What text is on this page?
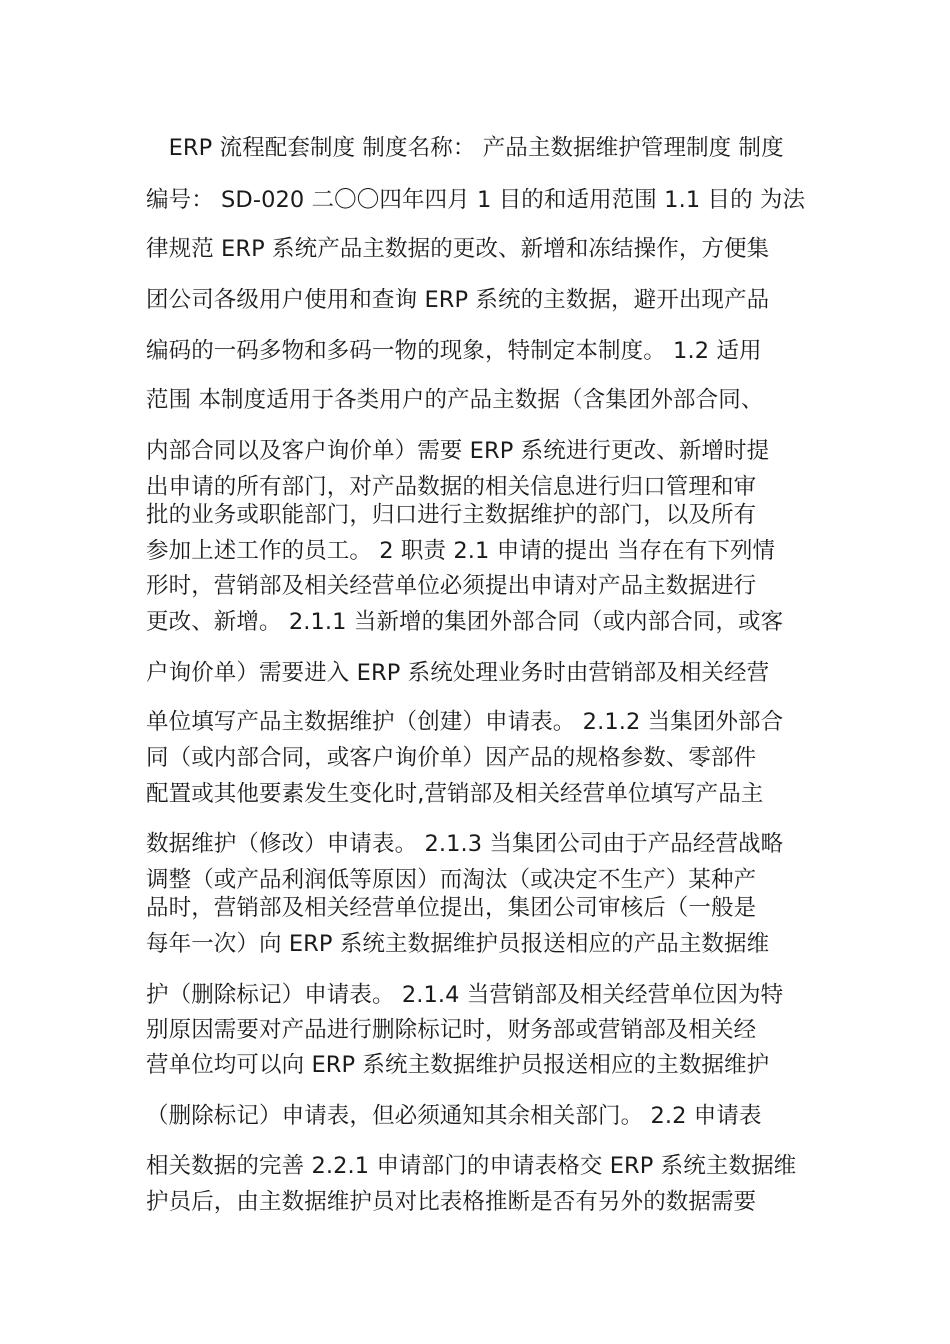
　ERP 流程配套制度 制度名称： 产品主数据维护管理制度 制度
编号： SD-020 二〇〇四年四月 1 目的和适用范围 1.1 目的 为法
律规范 ERP 系统产品主数据的更改、新增和冻结操作，方便集
团公司各级用户使用和查询 ERP 系统的主数据，避开出现产品
编码的一码多物和多码一物的现象，特制定本制度。 1.2 适用
范围 本制度适用于各类用户的产品主数据（含集团外部合同、
内部合同以及客户询价单）需要 ERP 系统进行更改、新增时提
出申请的所有部门，对产品数据的相关信息进行归口管理和审
批的业务或职能部门，归口进行主数据维护的部门，以及所有
参加上述工作的员工。 2 职责 2.1 申请的提出 当存在有下列情
形时，营销部及相关经营单位必须提出申请对产品主数据进行
更改、新增。 2.1.1 当新增的集团外部合同（或内部合同，或客
户询价单）需要进入 ERP 系统处理业务时由营销部及相关经营
单位填写产品主数据维护（创建）申请表。 2.1.2 当集团外部合
同（或内部合同，或客户询价单）因产品的规格参数、零部件
配置或其他要素发生变化时,营销部及相关经营单位填写产品主
数据维护（修改）申请表。 2.1.3 当集团公司由于产品经营战略
调整（或产品利润低等原因）而淘汰（或决定不生产）某种产
品时，营销部及相关经营单位提出，集团公司审核后（一般是
每年一次）向 ERP 系统主数据维护员报送相应的产品主数据维
护（删除标记）申请表。 2.1.4 当营销部及相关经营单位因为特
别原因需要对产品进行删除标记时，财务部或营销部及相关经
营单位均可以向 ERP 系统主数据维护员报送相应的主数据维护
（删除标记）申请表，但必须通知其余相关部门。 2.2 申请表
相关数据的完善 2.2.1 申请部门的申请表格交 ERP 系统主数据维
护员后，由主数据维护员对比表格推断是否有另外的数据需要
